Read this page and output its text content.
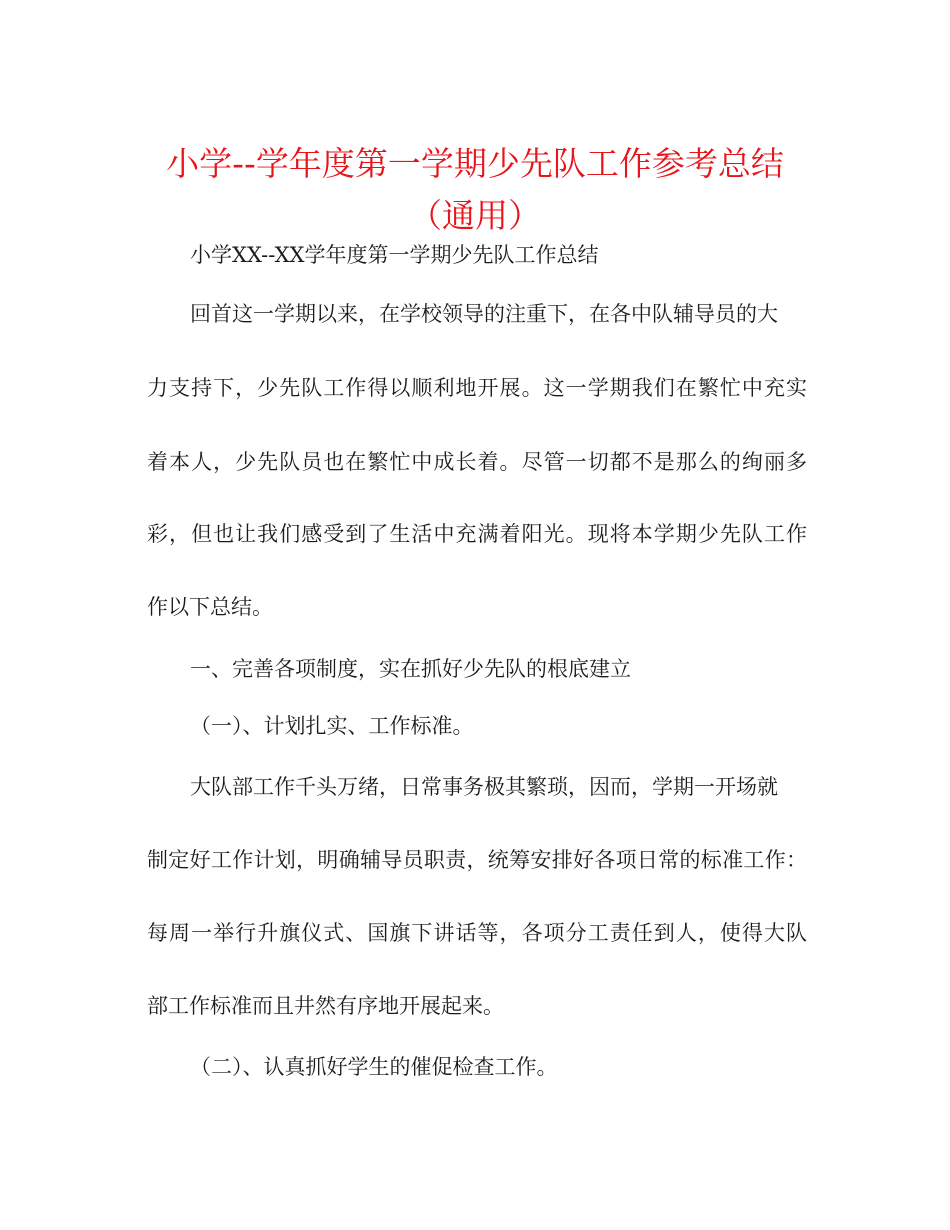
小学--学年度第一学期少先队工作参考总结（通用）

小学XX--XX学年度第一学期少先队工作总结

回首这一学期以来，在学校领导的注重下，在各中队辅导员的大

力支持下，少先队工作得以顺利地开展。这一学期我们在繁忙中充实

着本人，少先队员也在繁忙中成长着。尽管一切都不是那么的绚丽多

彩，但也让我们感受到了生活中充满着阳光。现将本学期少先队工作

作以下总结。

一、完善各项制度，实在抓好少先队的根底建立

（一）、计划扎实、工作标准。

大队部工作千头万绪，日常事务极其繁琐，因而，学期一开场就

制定好工作计划，明确辅导员职责，统筹安排好各项日常的标准工作：

每周一举行升旗仪式、国旗下讲话等，各项分工责任到人，使得大队

部工作标准而且井然有序地开展起来。

（二）、认真抓好学生的催促检查工作。
